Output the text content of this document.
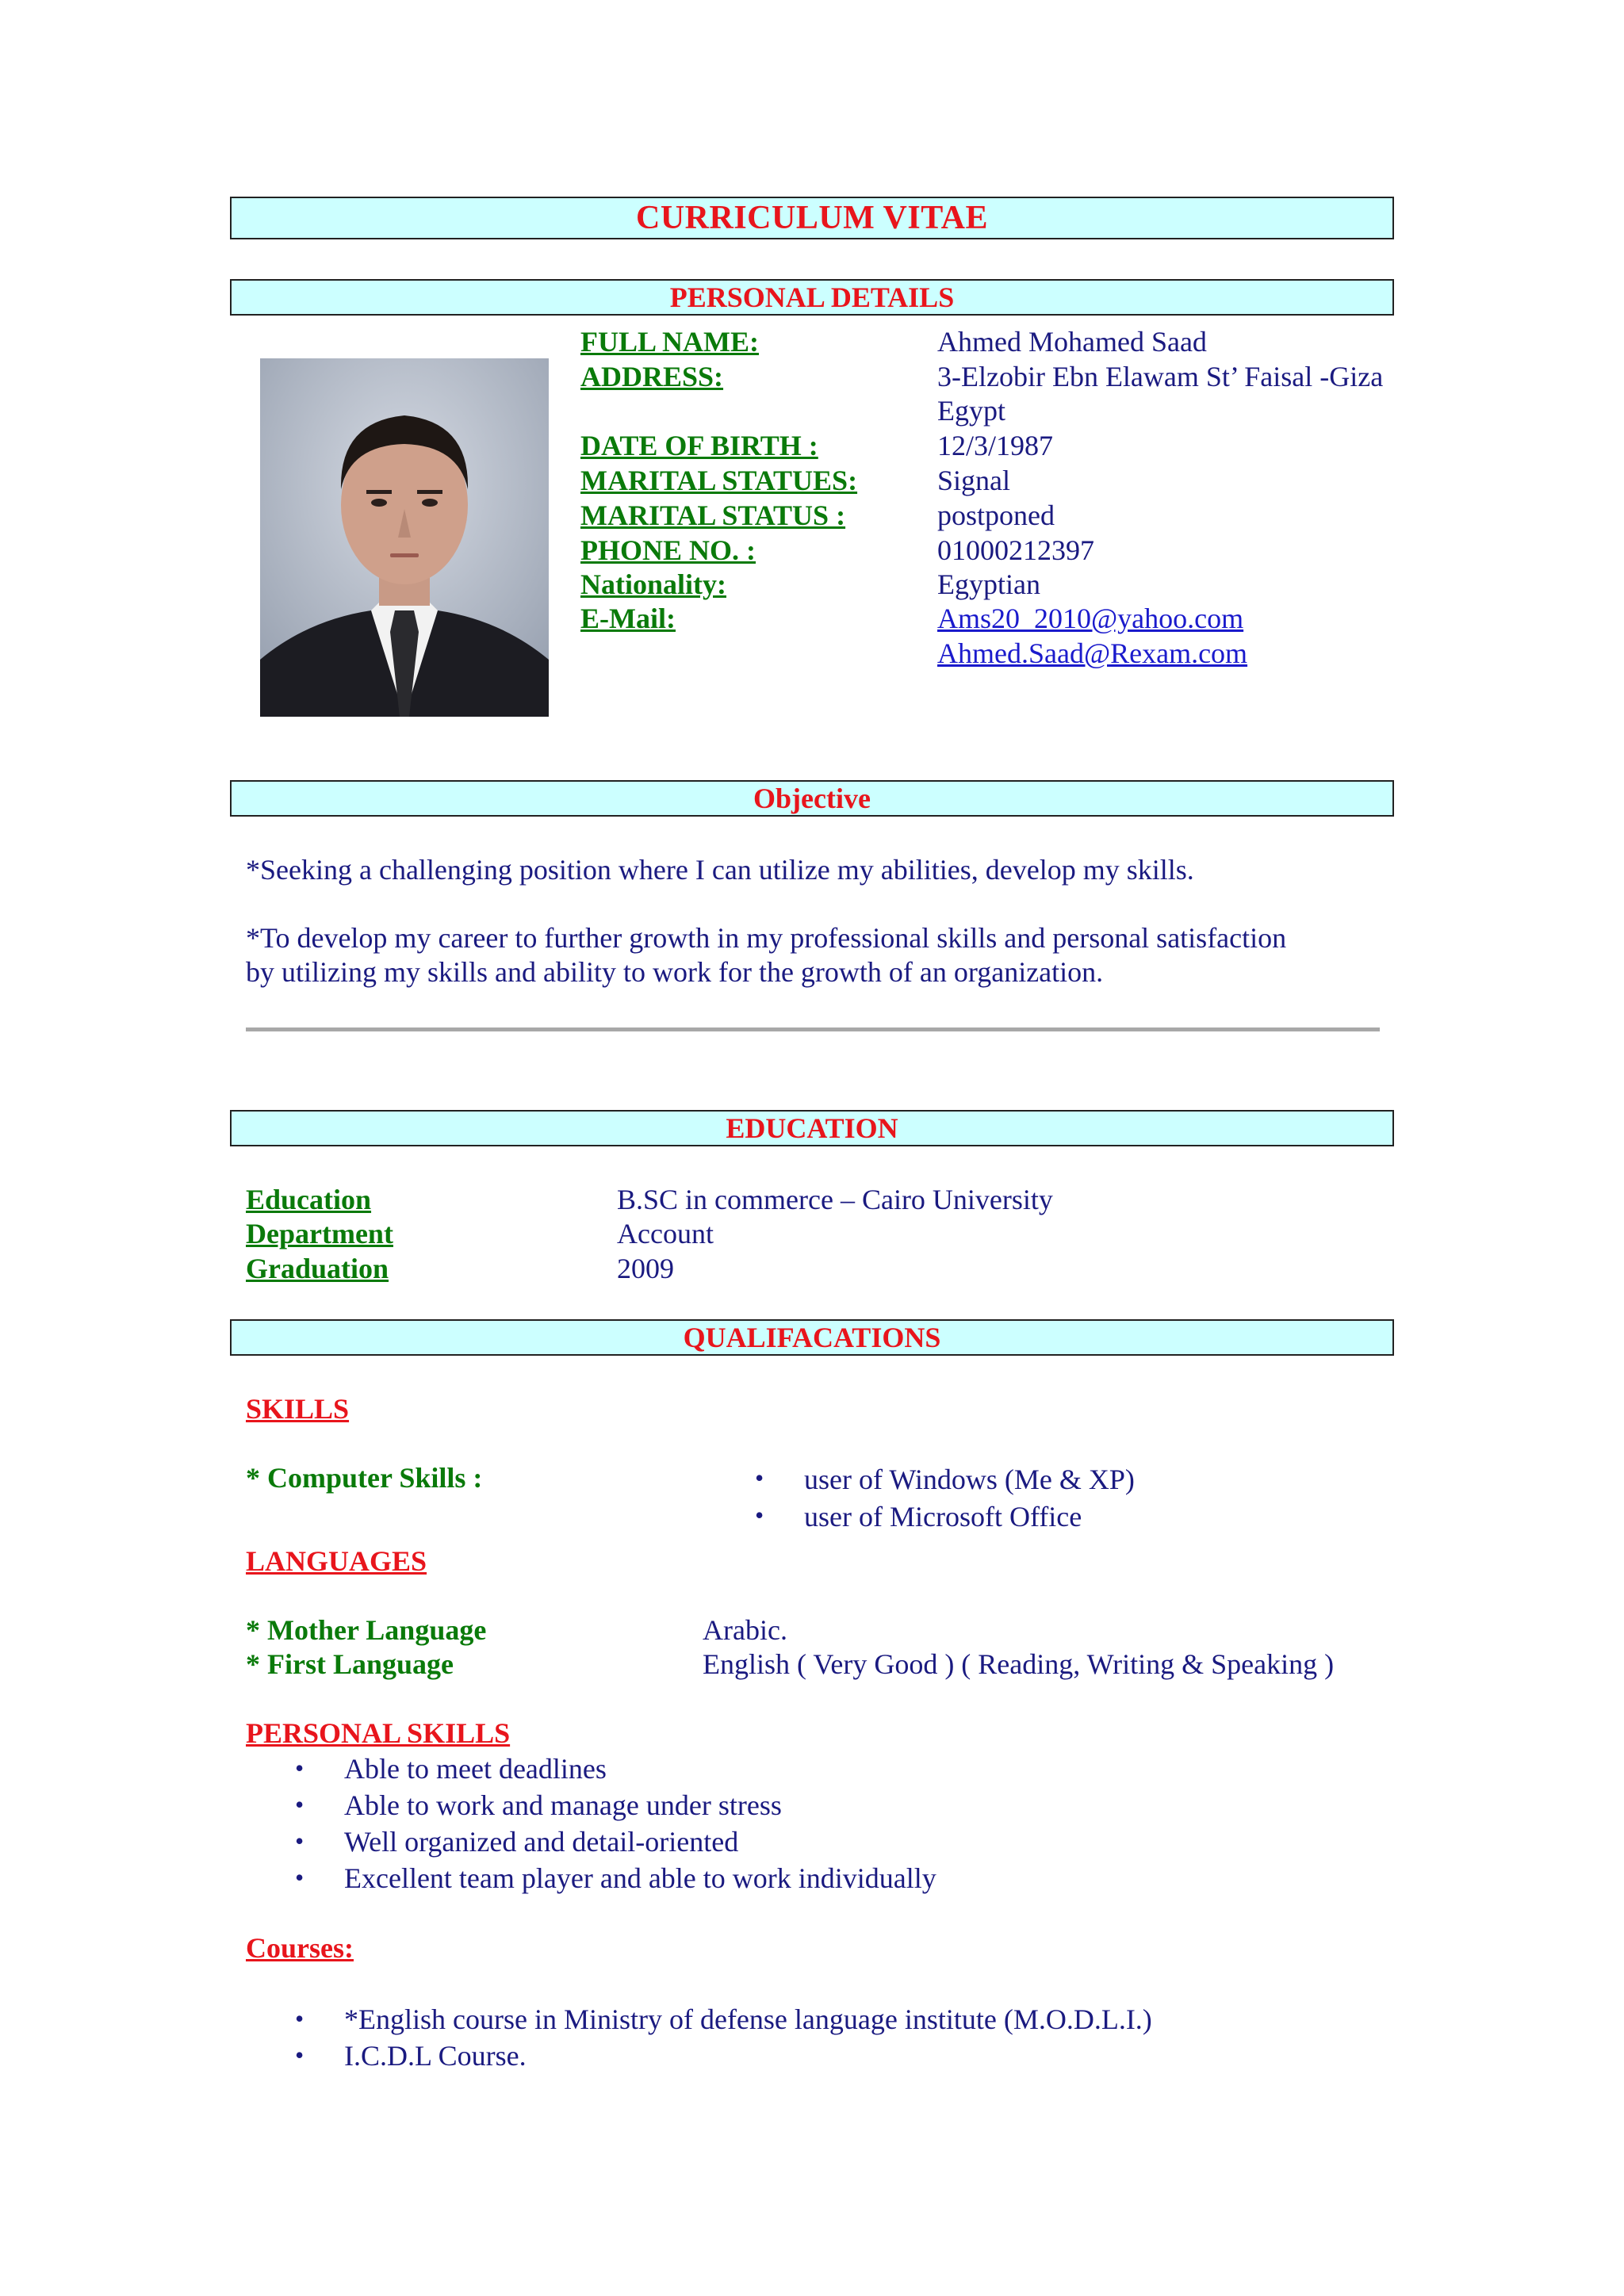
CURRICULUM VITAE
PERSONAL DETAILS
FULL NAME:
ADDRESS:
DATE OF BIRTH :
MARITAL STATUES:
MARITAL STATUS :
PHONE NO. :
Nationality:
E-Mail:
Ahmed Mohamed Saad
3-Elzobir Ebn Elawam St’ Faisal -Giza
Egypt
12/3/1987
Signal
postponed
01000212397
Egyptian
Ams20_2010@yahoo.com
Ahmed.Saad@Rexam.com
Objective
*Seeking a challenging position where I can utilize my abilities, develop my skills.
*To develop my career to further growth in my professional skills and personal satisfaction
by utilizing my skills and ability to work for the growth of an organization.
EDUCATION
Education
Department
Graduation
B.SC in commerce – Cairo University
Account
2009
QUALIFACATIONS
SKILLS
* Computer Skills :	• user of Windows (Me & XP)
• user of Microsoft Office
LANGUAGES
* Mother Language
* First Language
Arabic.
English ( Very Good ) ( Reading, Writing & Speaking )
PERSONAL SKILLS
• Able to meet deadlines
• Able to work and manage under stress
• Well organized and detail-oriented
• Excellent team player and able to work individually
Courses:
• *English course in Ministry of defense language institute (M.O.D.L.I.)
• I.C.D.L Course.
